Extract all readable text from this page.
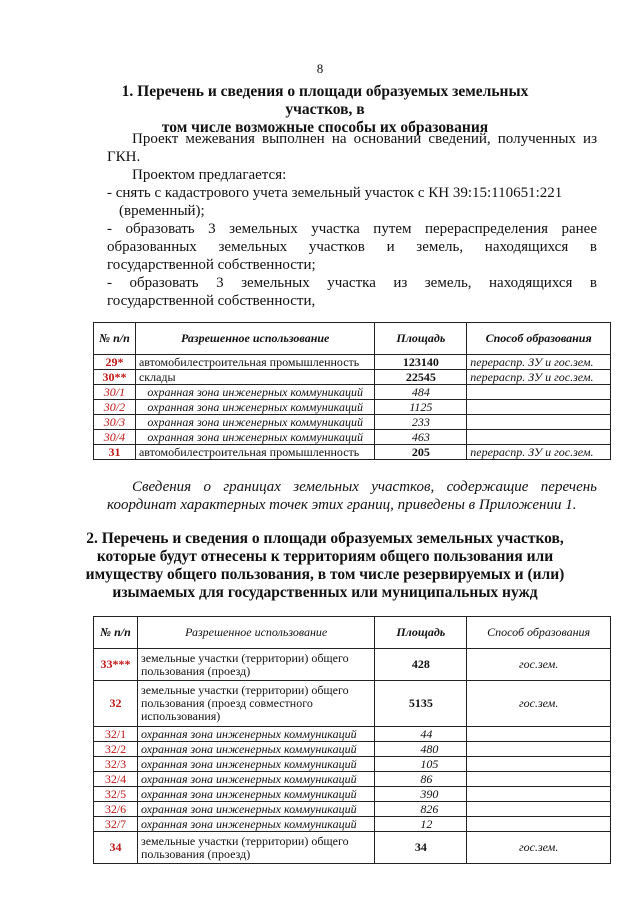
8
1. Перечень и сведения о площади образуемых земельных участков, в
том числе возможные способы их образования
Проект межевания выполнен на основании сведений, полученных из
ГКН.
Проектом предлагается:
- снять с кадастрового учета земельный участок с КН 39:15:110651:221
(временный);
- образовать 3 земельных участка путем перераспределения ранее
образованных земельных участков и земель, находящихся в
государственной собственности;
- образовать 3 земельных участка из земель, находящихся в
государственной собственности,
№ п/п	Разрешенное использование	Площадь	Способ образования
29*	автомобилестроительная промышленность	123140	перераспр. ЗУ и гос.зем.
30**	склады	22545	перераспр. ЗУ и гос.зем.
30/1	охранная зона инженерных коммуникаций	484	
30/2	охранная зона инженерных коммуникаций	1125	
30/3	охранная зона инженерных коммуникаций	233	
30/4	охранная зона инженерных коммуникаций	463	
31	автомобилестроительная промышленность	205	перераспр. ЗУ и гос.зем.
Сведения о границах земельных участков, содержащие перечень
координат характерных точек этих границ, приведены в Приложении 1.
2. Перечень и сведения о площади образуемых земельных участков,
которые будут отнесены к территориям общего пользования или
имуществу общего пользования, в том числе резервируемых и (или)
изымаемых для государственных или муниципальных нужд
№ п/п	Разрешенное использование	Площадь	Способ образования
33***	земельные участки (территории) общего пользования (проезд)	428	гос.зем.
32	земельные участки (территории) общего пользования (проезд совместного использования)	5135	гос.зем.
32/1	охранная зона инженерных коммуникаций	44	
32/2	охранная зона инженерных коммуникаций	480	
32/3	охранная зона инженерных коммуникаций	105	
32/4	охранная зона инженерных коммуникаций	86	
32/5	охранная зона инженерных коммуникаций	390	
32/6	охранная зона инженерных коммуникаций	826	
32/7	охранная зона инженерных коммуникаций	12	
34	земельные участки (территории) общего пользования (проезд)	34	гос.зем.
